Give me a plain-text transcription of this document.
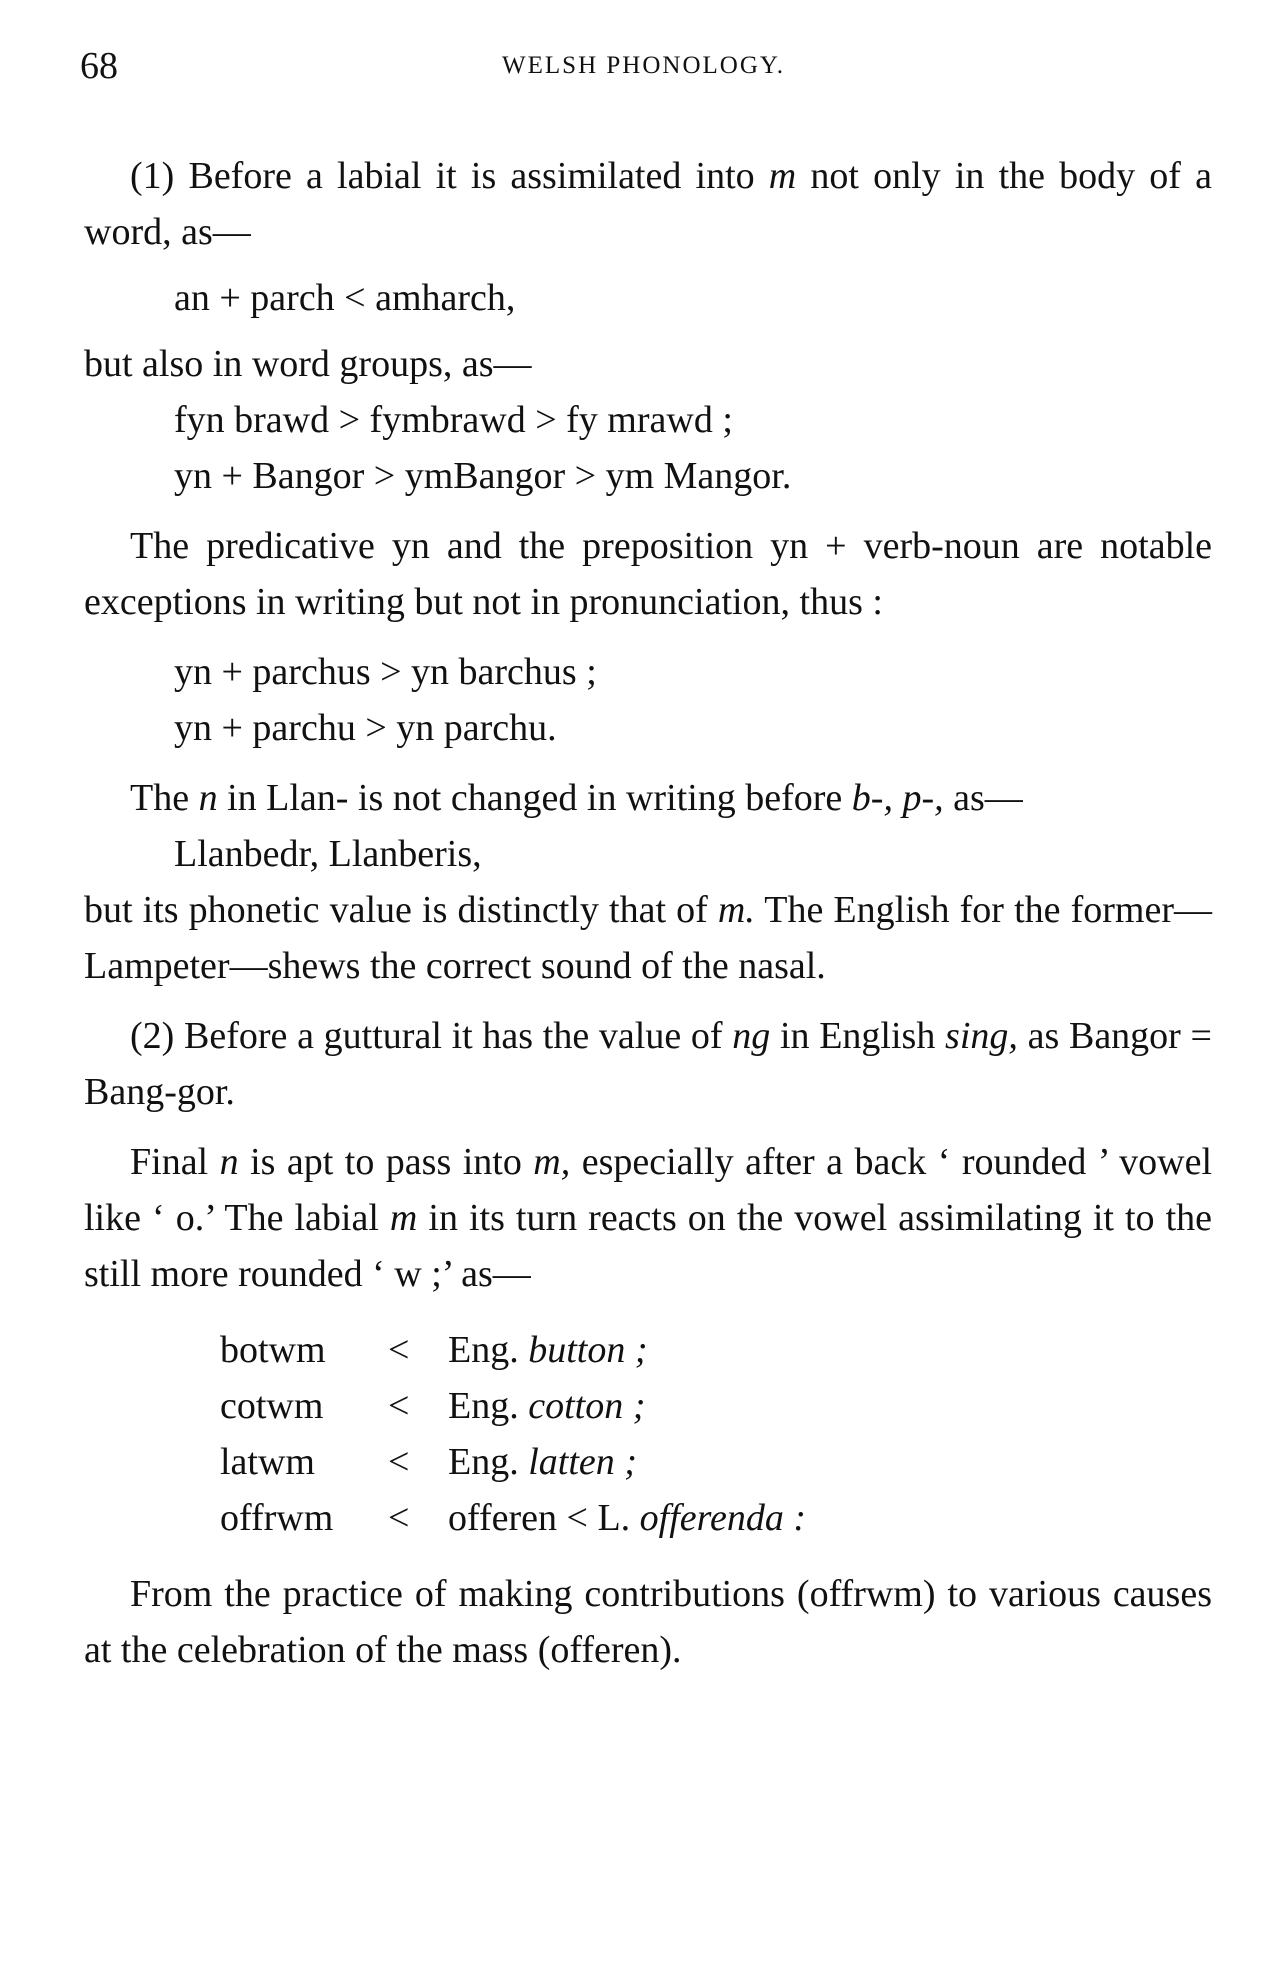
68	WELSH PHONOLOGY.

(1) Before a labial it is assimilated into m not only in the body of a word, as—

an + parch < amharch,

but also in word groups, as—

fyn brawd > fymbrawd > fy mrawd ;
yn + Bangor > ymBangor > ym Mangor.

The predicative yn and the preposition yn + verb-noun are notable exceptions in writing but not in pronunciation, thus :

yn + parchus > yn barchus ;
yn + parchu > yn parchu.

The n in Llan- is not changed in writing before b-, p-, as—

Llanbedr, Llanberis,

but its phonetic value is distinctly that of m. The English for the former—Lampeter—shews the correct sound of the nasal.

(2) Before a guttural it has the value of ng in English sing, as Bangor = Bang-gor.

Final n is apt to pass into m, especially after a back ‘ rounded ’ vowel like ‘ o.’ The labial m in its turn reacts on the vowel assimilating it to the still more rounded ‘ w ;’ as—

botwm	<	Eng. button ;
cotwm	<	Eng. cotton ;
latwm	<	Eng. latten ;
offrwm	<	offeren < L. offerenda :

From the practice of making contributions (offrwm) to various causes at the celebration of the mass (offeren).
